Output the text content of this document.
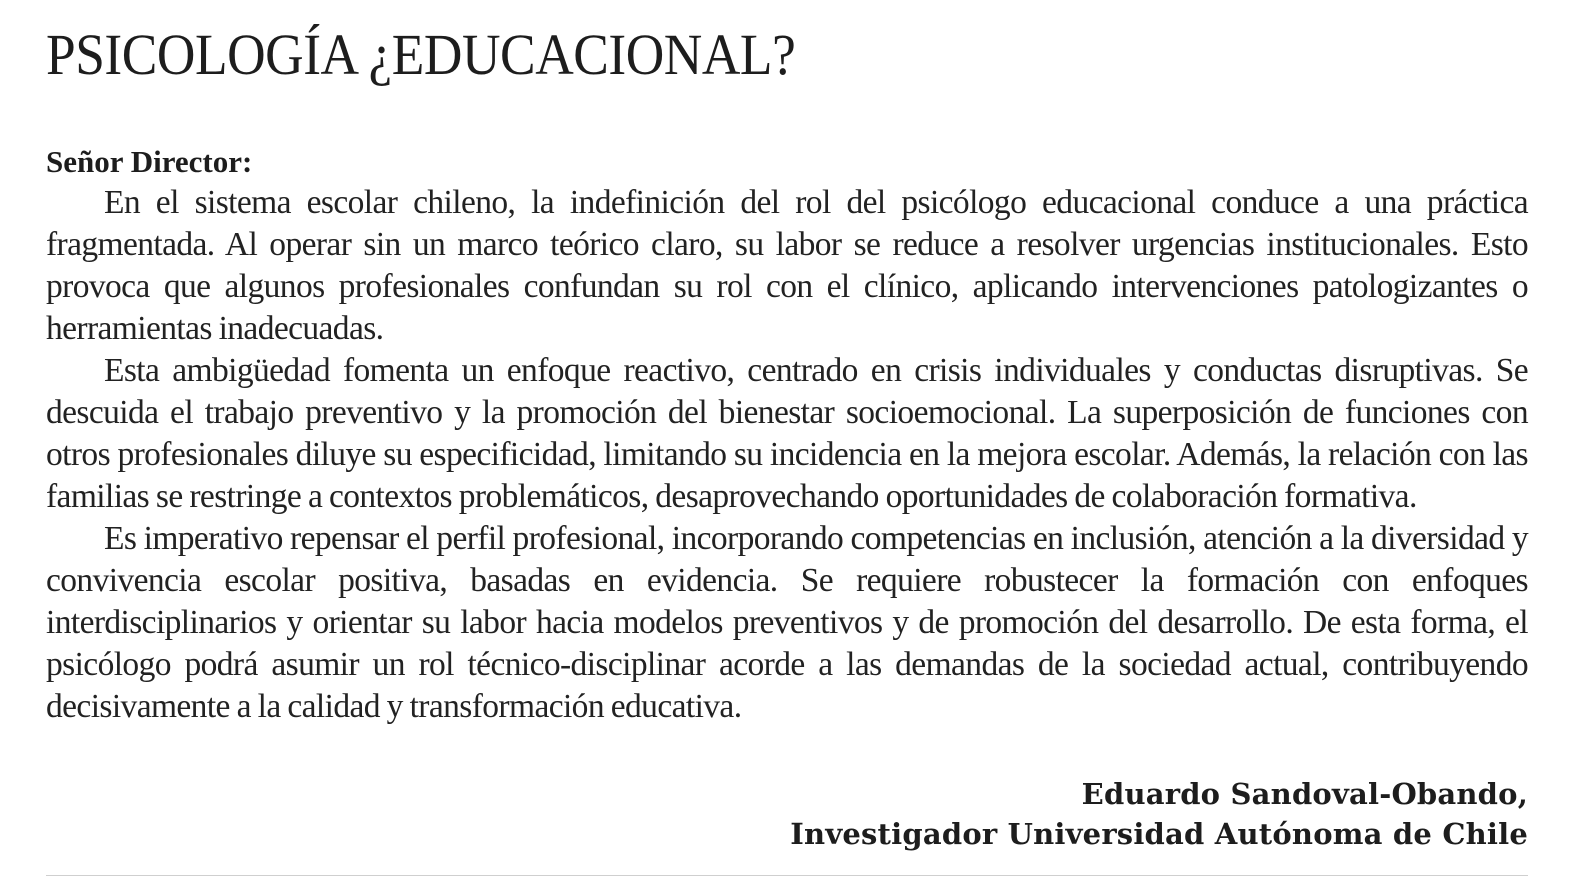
PSICOLOGÍA ¿EDUCACIONAL?
Señor Director:

En el sistema escolar chileno, la indefinición del rol del psicólogo educacional conduce a una práctica fragmentada. Al operar sin un marco teórico claro, su labor se reduce a resolver urgencias institucionales. Esto provoca que algunos profesionales confundan su rol con el clínico, aplicando intervenciones patologizantes o herramientas inadecuadas.

Esta ambigüedad fomenta un enfoque reactivo, centrado en crisis individuales y conductas disruptivas. Se descuida el trabajo preventivo y la promoción del bienestar socioemocional. La superposición de funciones con otros profesionales diluye su especificidad, limitando su incidencia en la mejora escolar. Además, la relación con las familias se restringe a contextos problemáticos, desaprovechando oportunidades de colaboración formativa.

Es imperativo repensar el perfil profesional, incorporando competencias en inclusión, atención a la diversidad y convivencia escolar positiva, basadas en evidencia. Se requiere robustecer la formación con enfoques interdisciplinarios y orientar su labor hacia modelos preventivos y de promoción del desarrollo. De esta forma, el psicólogo podrá asumir un rol técnico-disciplinar acorde a las demandas de la sociedad actual, contribuyendo decisivamente a la calidad y transformación educativa.

Eduardo Sandoval-Obando,
Investigador Universidad Autónoma de Chile
